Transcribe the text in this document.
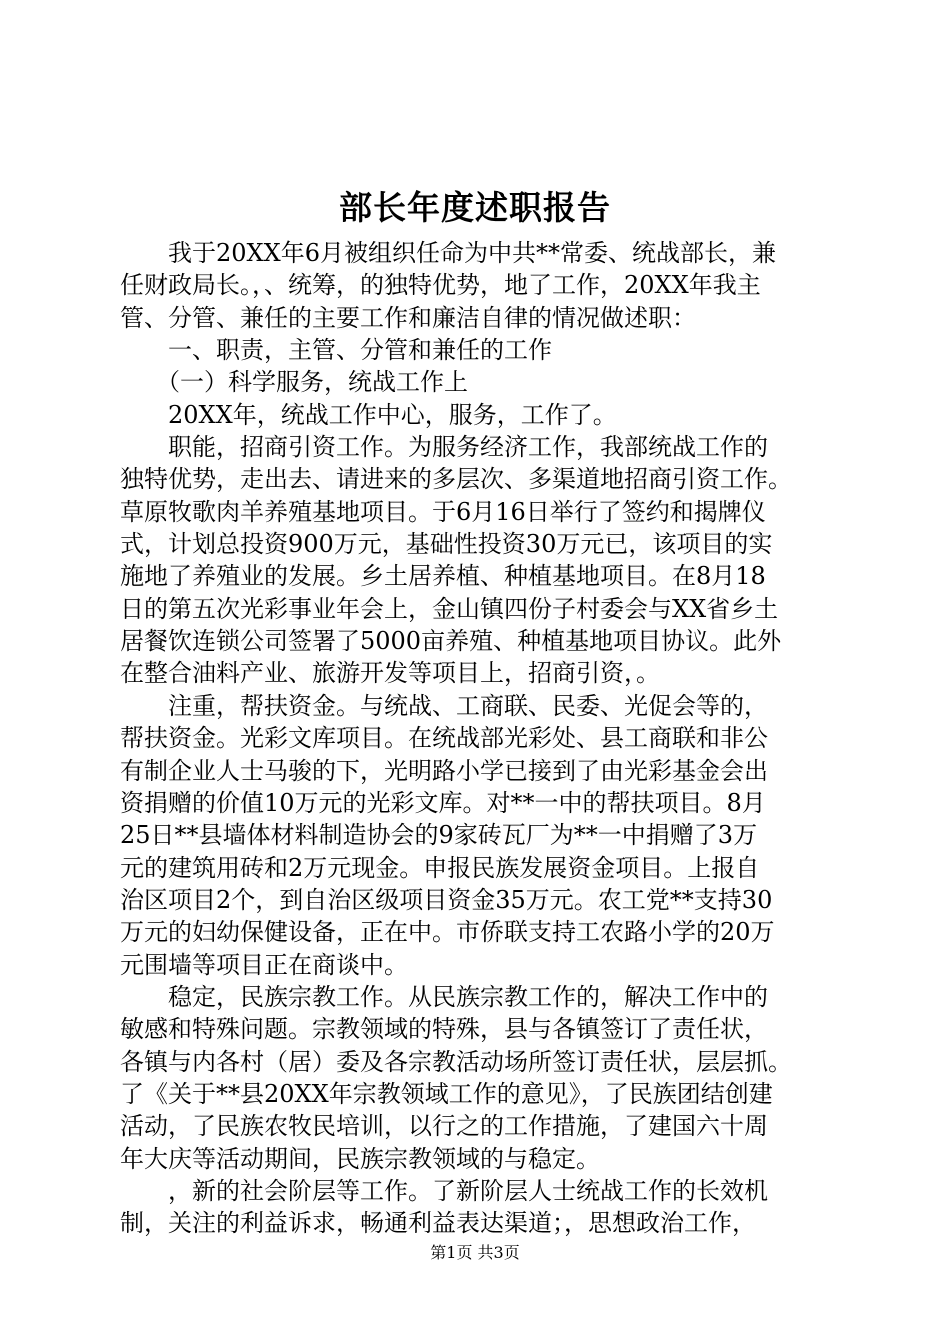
部长年度述职报告
　　我于20XX年6月被组织任命为中共**常委、统战部长，兼
任财政局长。，、统筹，的独特优势，地了工作，20XX年我主
管、分管、兼任的主要工作和廉洁自律的情况做述职：
　　一、职责，主管、分管和兼任的工作
　　（一）科学服务，统战工作上
　　20XX年，统战工作中心，服务，工作了。
　　职能，招商引资工作。为服务经济工作，我部统战工作的
独特优势，走出去、请进来的多层次、多渠道地招商引资工作。
草原牧歌肉羊养殖基地项目。于6月16日举行了签约和揭牌仪
式，计划总投资900万元，基础性投资30万元已，该项目的实
施地了养殖业的发展。乡土居养植、种植基地项目。在8月18
日的第五次光彩事业年会上，金山镇四份子村委会与XX省乡土
居餐饮连锁公司签署了5000亩养殖、种植基地项目协议。此外
在整合油料产业、旅游开发等项目上，招商引资，。
　　注重，帮扶资金。与统战、工商联、民委、光促会等的，
帮扶资金。光彩文库项目。在统战部光彩处、县工商联和非公
有制企业人士马骏的下，光明路小学已接到了由光彩基金会出
资捐赠的价值10万元的光彩文库。对**一中的帮扶项目。8月
25日**县墙体材料制造协会的9家砖瓦厂为**一中捐赠了3万
元的建筑用砖和2万元现金。申报民族发展资金项目。上报自
治区项目2个，到自治区级项目资金35万元。农工党**支持30
万元的妇幼保健设备，正在中。市侨联支持工农路小学的20万
元围墙等项目正在商谈中。
　　稳定，民族宗教工作。从民族宗教工作的，解决工作中的
敏感和特殊问题。宗教领域的特殊，县与各镇签订了责任状，
各镇与内各村（居）委及各宗教活动场所签订责任状，层层抓。
了《关于**县20XX年宗教领域工作的意见》，了民族团结创建
活动，了民族农牧民培训，以行之的工作措施，了建国六十周
年大庆等活动期间，民族宗教领域的与稳定。
　　，新的社会阶层等工作。了新阶层人士统战工作的长效机
制，关注的利益诉求，畅通利益表达渠道；，思想政治工作，
第1页 共3页
